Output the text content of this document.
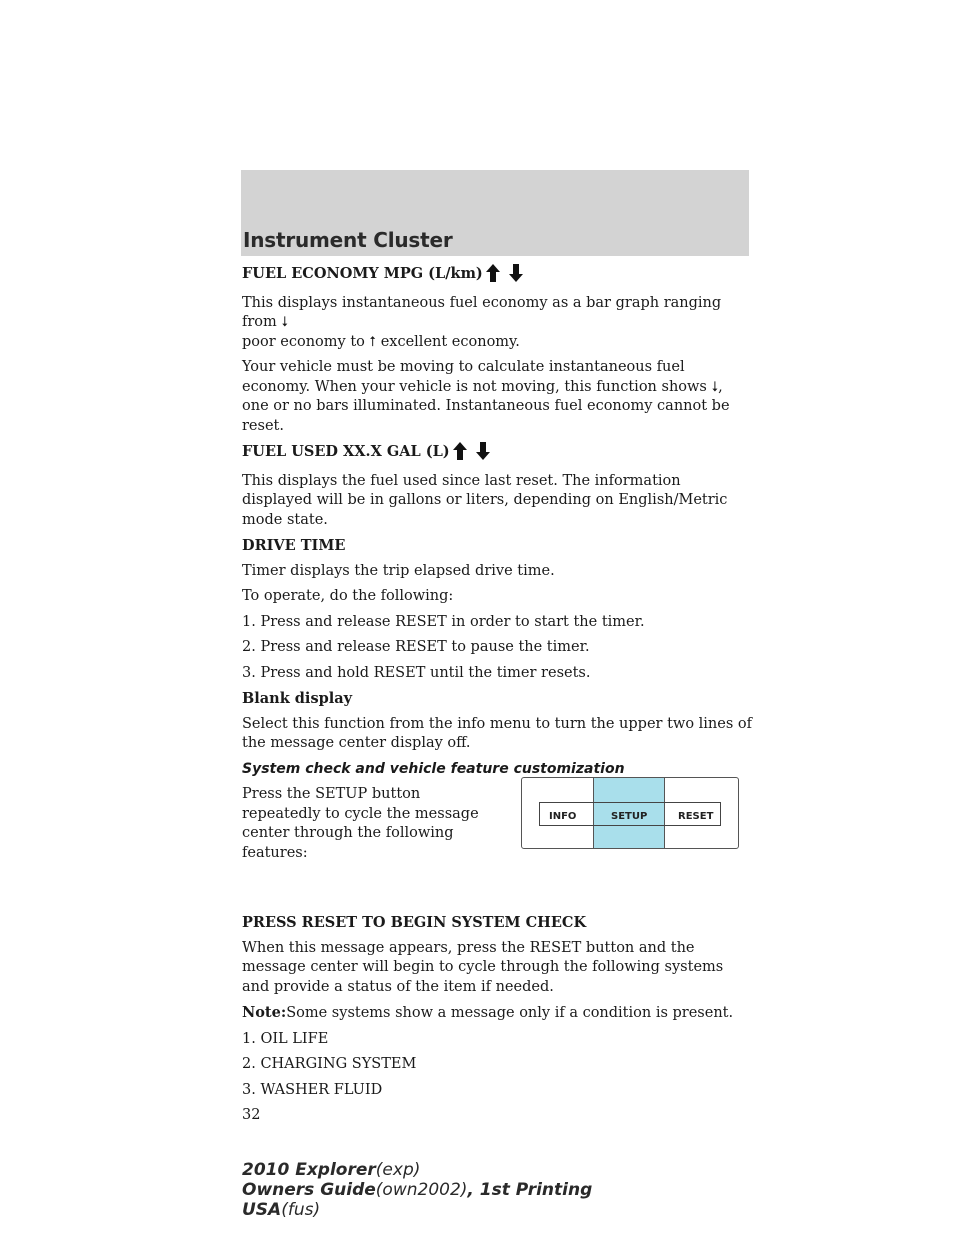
Instrument Cluster

FUEL ECONOMY MPG (L/km)

This displays instantaneous fuel economy as a bar graph ranging from ⭣
poor economy to ⭡ excellent economy.

Your vehicle must be moving to calculate instantaneous fuel economy. When your vehicle is not moving, this function shows ⭣, one or no bars illuminated. Instantaneous fuel economy cannot be reset.

FUEL USED XX.X GAL (L)

This displays the fuel used since last reset. The information displayed will be in gallons or liters, depending on English/Metric mode state.

DRIVE TIME

Timer displays the trip elapsed drive time.

To operate, do the following:

1. Press and release RESET in order to start the timer.

2. Press and release RESET to pause the timer.

3. Press and hold RESET until the timer resets.

Blank display

Select this function from the info menu to turn the upper two lines of the message center display off.

System check and vehicle feature customization

Press the SETUP button repeatedly to cycle the message center through the following features:

INFO	SETUP	RESET

PRESS RESET TO BEGIN SYSTEM CHECK

When this message appears, press the RESET button and the message center will begin to cycle through the following systems and provide a status of the item if needed.

Note:Some systems show a message only if a condition is present.

1. OIL LIFE

2. CHARGING SYSTEM

3. WASHER FLUID

32

2010 Explorer(exp)
Owners Guide(own2002), 1st Printing
USA(fus)
